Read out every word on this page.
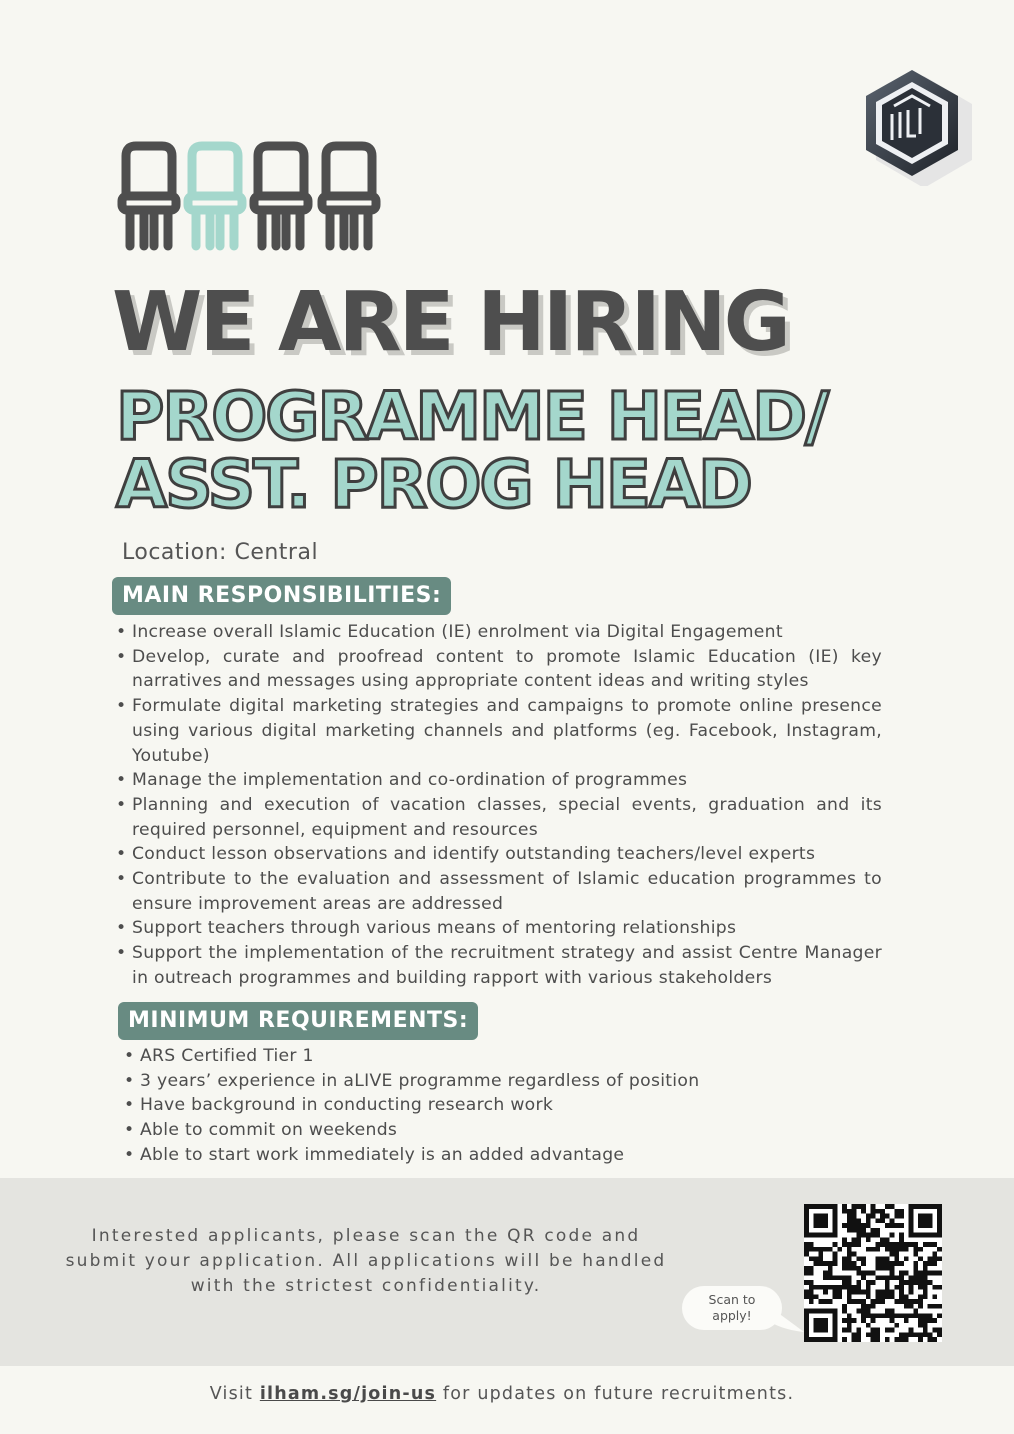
WE ARE HIRING
PROGRAMME HEAD/
ASST. PROG HEAD
Location: Central
MAIN RESPONSIBILITIES:
• Increase overall Islamic Education (IE) enrolment via Digital Engagement
• Develop, curate and proofread content to promote Islamic Education (IE) key narratives and messages using appropriate content ideas and writing styles
• Formulate digital marketing strategies and campaigns to promote online presence using various digital marketing channels and platforms (eg. Facebook, Instagram, Youtube)
• Manage the implementation and co-ordination of programmes
• Planning and execution of vacation classes, special events, graduation and its required personnel, equipment and resources
• Conduct lesson observations and identify outstanding teachers/level experts
• Contribute to the evaluation and assessment of Islamic education programmes to ensure improvement areas are addressed
• Support teachers through various means of mentoring relationships
• Support the implementation of the recruitment strategy and assist Centre Manager in outreach programmes and building rapport with various stakeholders
MINIMUM REQUIREMENTS:
• ARS Certified Tier 1
• 3 years’ experience in aLIVE programme regardless of position
• Have background in conducting research work
• Able to commit on weekends
• Able to start work immediately is an added advantage
Interested applicants, please scan the QR code and submit your application. All applications will be handled with the strictest confidentiality.
Scan to apply!
Visit ilham.sg/join-us for updates on future recruitments.
